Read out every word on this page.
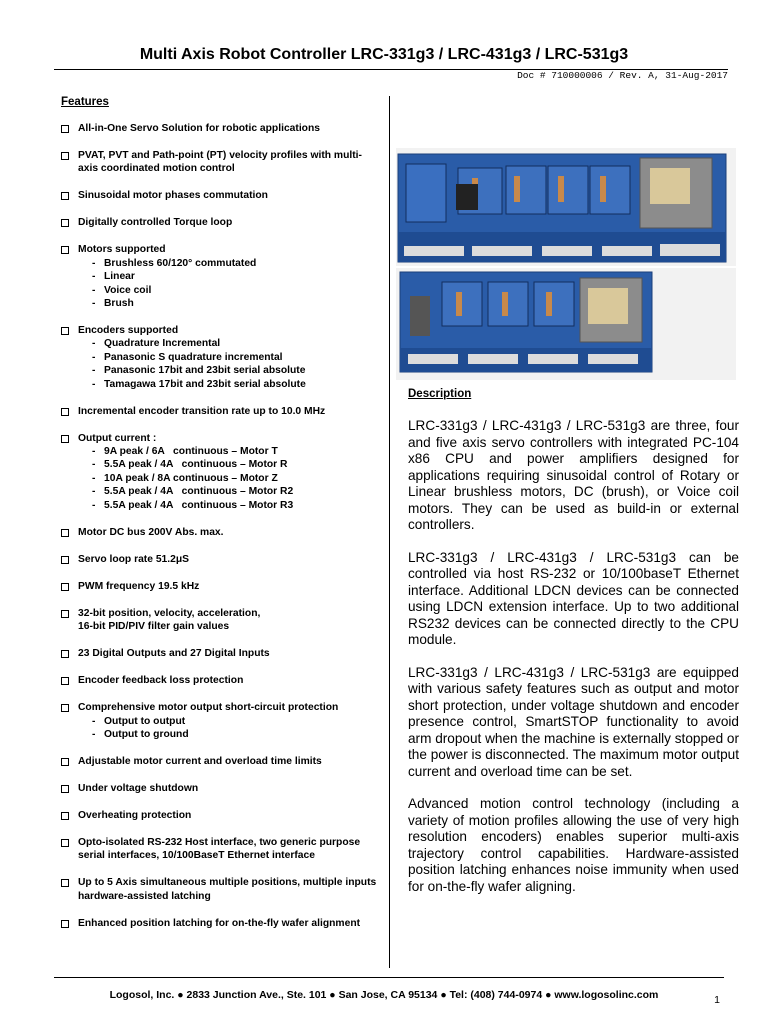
Multi Axis Robot Controller LRC-331g3 / LRC-431g3 / LRC-531g3
Doc # 710000006 / Rev. A, 31-Aug-2017
Features
All-in-One Servo Solution for robotic applications
PVAT, PVT and Path-point (PT) velocity profiles with multi-axis coordinated motion control
Sinusoidal motor phases commutation
Digitally controlled Torque loop
Motors supported
- Brushless 60/120° commutated
- Linear
- Voice coil
- Brush
Encoders supported
- Quadrature Incremental
- Panasonic S quadrature incremental
- Panasonic 17bit and 23bit serial absolute
- Tamagawa 17bit and 23bit serial absolute
Incremental encoder transition rate up to 10.0 MHz
Output current :
- 9A peak / 6A   continuous – Motor T
- 5.5A peak / 4A   continuous – Motor R
- 10A peak / 8A continuous – Motor Z
- 5.5A peak / 4A   continuous – Motor R2
- 5.5A peak / 4A   continuous – Motor R3
Motor DC bus 200V Abs. max.
Servo loop rate 51.2μS
PWM frequency 19.5 kHz
32-bit position, velocity, acceleration,
16-bit PID/PIV filter gain values
23 Digital Outputs and 27 Digital Inputs
Encoder feedback loss protection
Comprehensive motor output short-circuit protection
- Output to output
- Output to ground
Adjustable motor current and overload time limits
Under voltage shutdown
Overheating protection
Opto-isolated RS-232 Host interface, two generic purpose serial interfaces, 10/100BaseT Ethernet interface
Up to 5 Axis simultaneous multiple positions, multiple inputs hardware-assisted latching
Enhanced position latching for on-the-fly wafer alignment
Description

LRC-331g3 / LRC-431g3 / LRC-531g3 are three, four and five axis servo controllers with integrated PC-104 x86 CPU and power amplifiers designed for applications requiring sinusoidal control of Rotary or Linear brushless motors, DC (brush), or Voice coil motors. They can be used as build-in or external controllers.

LRC-331g3 / LRC-431g3 / LRC-531g3 can be controlled via host RS-232 or 10/100baseT Ethernet interface. Additional LDCN devices can be connected using LDCN extension interface. Up to two additional RS232 devices can be connected directly to the CPU module.

LRC-331g3 / LRC-431g3 / LRC-531g3 are equipped with various safety features such as output and motor short protection, under voltage shutdown and encoder presence control, SmartSTOP functionality to avoid arm dropout when the machine is externally stopped or the power is disconnected. The maximum motor output current and overload time can be set.

Advanced motion control technology (including a variety of motion profiles allowing the use of very high resolution encoders) enables superior multi-axis trajectory control capabilities. Hardware-assisted position latching enhances noise immunity when used for on-the-fly wafer aligning.

Logosol, Inc. ● 2833 Junction Ave., Ste. 101 ● San Jose, CA 95134 ● Tel: (408) 744-0974 ● www.logosolinc.com	1
